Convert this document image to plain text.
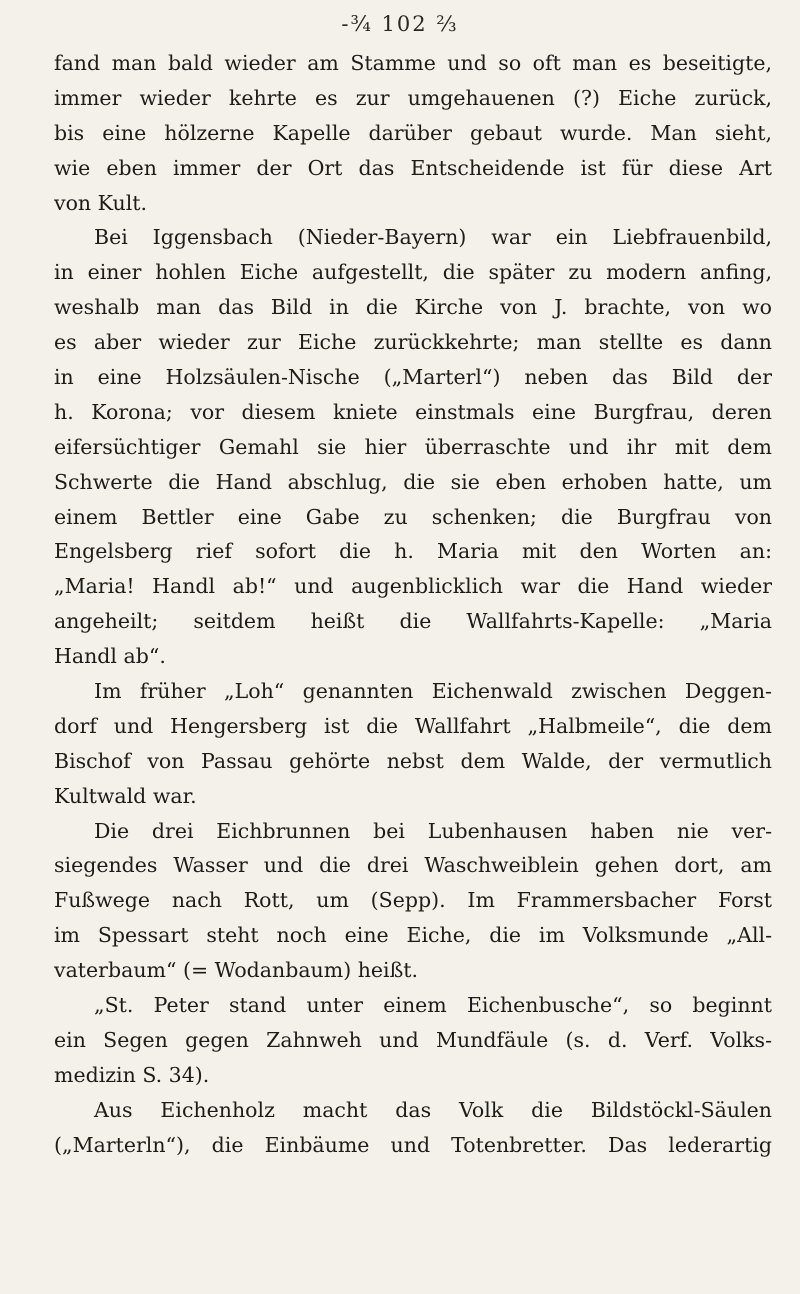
-¾ 102 ⅔
fand man bald wieder am Stamme und so oft man es beseitigte,
immer wieder kehrte es zur umgehauenen (?) Eiche zurück,
bis eine hölzerne Kapelle darüber gebaut wurde. Man sieht,
wie eben immer der Ort das Entscheidende ist für diese Art
von Kult.
Bei Iggensbach (Nieder-Bayern) war ein Liebfrauenbild,
in einer hohlen Eiche aufgestellt, die später zu modern anfing,
weshalb man das Bild in die Kirche von J. brachte, von wo
es aber wieder zur Eiche zurückkehrte; man stellte es dann
in eine Holzsäulen-Nische („Marterl“) neben das Bild der
h. Korona; vor diesem kniete einstmals eine Burgfrau, deren
eifersüchtiger Gemahl sie hier überraschte und ihr mit dem
Schwerte die Hand abschlug, die sie eben erhoben hatte, um
einem Bettler eine Gabe zu schenken; die Burgfrau von
Engelsberg rief sofort die h. Maria mit den Worten an:
„Maria! Handl ab!“ und augenblicklich war die Hand wieder
angeheilt; seitdem heißt die Wallfahrts-Kapelle: „Maria
Handl ab“.
Im früher „Loh“ genannten Eichenwald zwischen Deggen-
dorf und Hengersberg ist die Wallfahrt „Halbmeile“, die dem
Bischof von Passau gehörte nebst dem Walde, der vermutlich
Kultwald war.
Die drei Eichbrunnen bei Lubenhausen haben nie ver-
siegendes Wasser und die drei Waschweiblein gehen dort, am
Fußwege nach Rott, um (Sepp). Im Frammersbacher Forst
im Spessart steht noch eine Eiche, die im Volksmunde „All-
vaterbaum“ (= Wodanbaum) heißt.
„St. Peter stand unter einem Eichenbusche“, so beginnt
ein Segen gegen Zahnweh und Mundfäule (s. d. Verf. Volks-
medizin S. 34).
Aus Eichenholz macht das Volk die Bildstöckl-Säulen
(„Marterln“), die Einbäume und Totenbretter. Das lederartig
